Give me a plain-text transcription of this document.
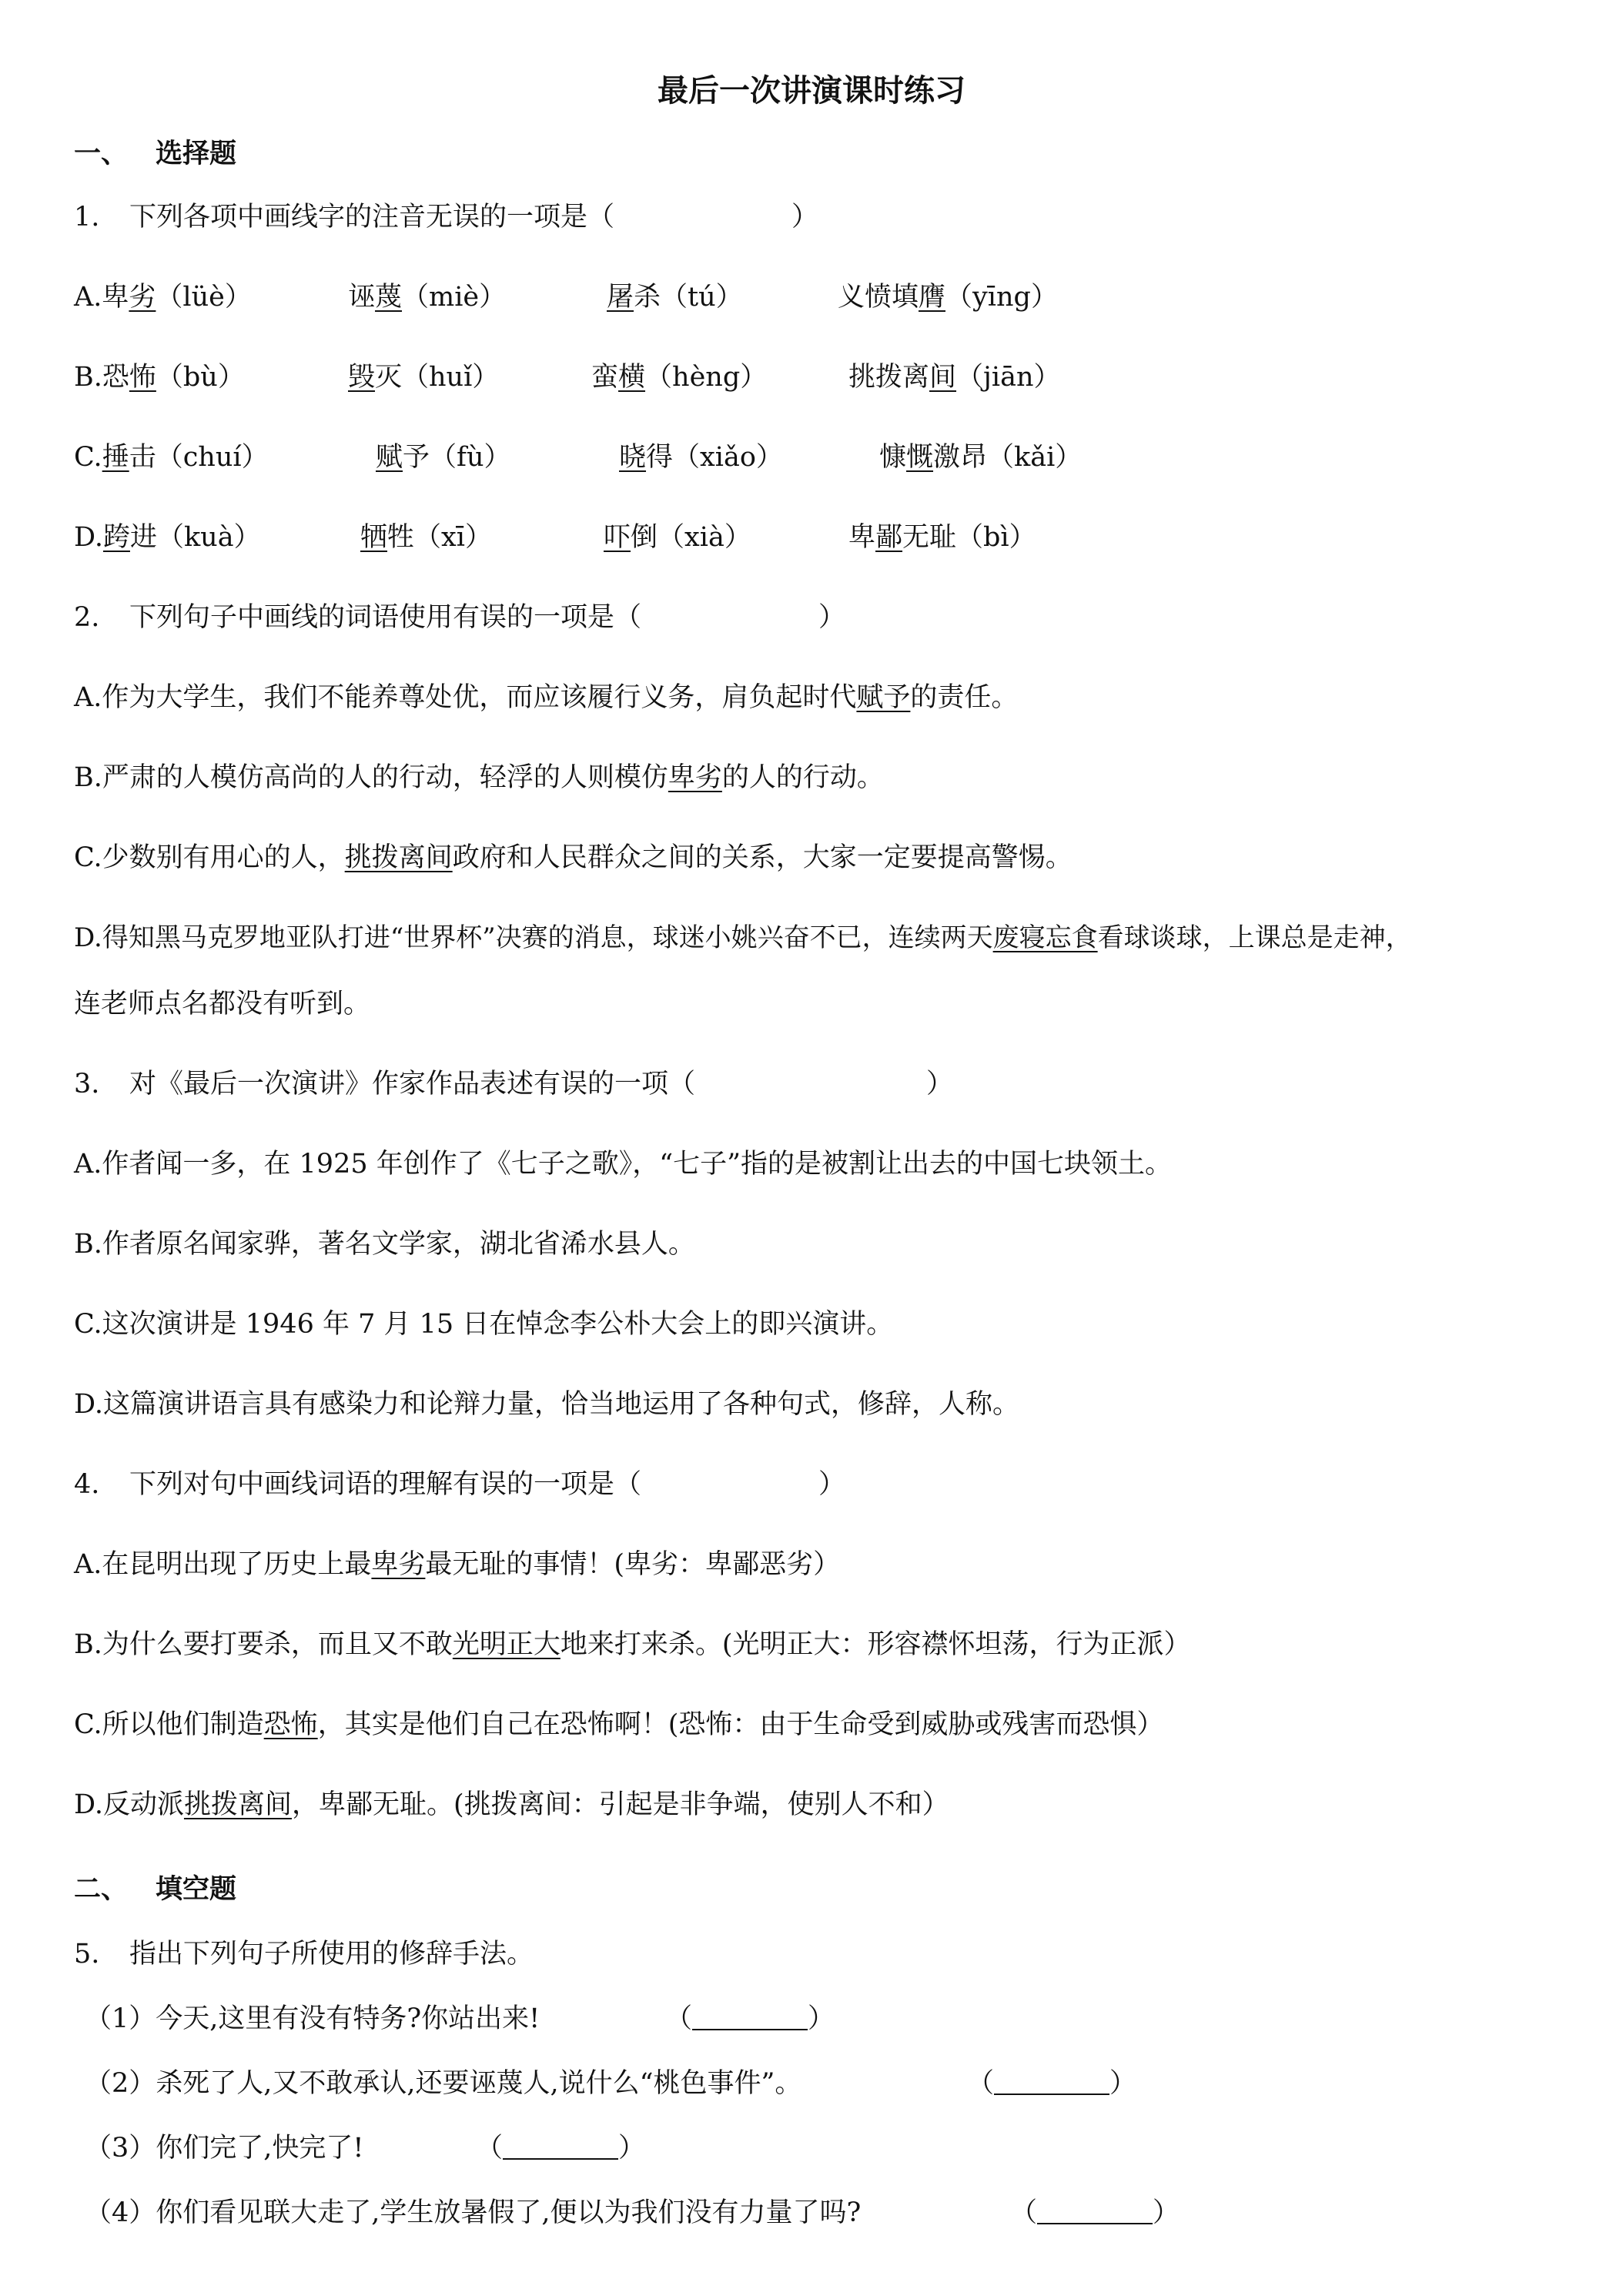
最后一次讲演课时练习
一、 选择题
1. 下列各项中画线字的注音无误的一项是（	）
A.卑劣（lüè）	诬蔑（miè）	屠杀（tú）	义愤填膺（yīng）
B.恐怖（bù）	毁灭（huǐ）	蛮横（hèng）	挑拨离间（jiān）
C.捶击（chuí）	赋予（fù）	晓得（xiǎo）	慷慨激昂（kǎi）
D.跨进（kuà）	牺牲（xī）	吓倒（xià）	卑鄙无耻（bì）
2. 下列句子中画线的词语使用有误的一项是（	）
A.作为大学生，我们不能养尊处优，而应该履行义务，肩负起时代赋予的责任。
B.严肃的人模仿高尚的人的行动，轻浮的人则模仿卑劣的人的行动。
C.少数别有用心的人，挑拨离间政府和人民群众之间的关系，大家一定要提高警惕。
D.得知黑马克罗地亚队打进“世界杯”决赛的消息，球迷小姚兴奋不已，连续两天废寝忘食看球谈球，上课总是走神，
连老师点名都没有听到。
3. 对《最后一次演讲》作家作品表述有误的一项（	）
A.作者闻一多，在 1925 年创作了《七子之歌》，“七子”指的是被割让出去的中国七块领土。
B.作者原名闻家骅，著名文学家，湖北省浠水县人。
C.这次演讲是 1946 年 7 月 15 日在悼念李公朴大会上的即兴演讲。
D.这篇演讲语言具有感染力和论辩力量，恰当地运用了各种句式，修辞，人称。
4. 下列对句中画线词语的理解有误的一项是（	）
A.在昆明出现了历史上最卑劣最无耻的事情！(卑劣：卑鄙恶劣）
B.为什么要打要杀，而且又不敢光明正大地来打来杀。(光明正大：形容襟怀坦荡，行为正派）
C.所以他们制造恐怖，其实是他们自己在恐怖啊！(恐怖：由于生命受到威胁或残害而恐惧）
D.反动派挑拨离间，卑鄙无耻。(挑拨离间：引起是非争端，使别人不和）
二、 填空题
5. 指出下列句子所使用的修辞手法。
（1）今天,这里有没有特务?你站出来!	（	）
（2）杀死了人,又不敢承认,还要诬蔑人,说什么“桃色事件”。	（	）
（3）你们完了,快完了!	（	）
（4）你们看见联大走了,学生放暑假了,便以为我们没有力量了吗?	（	）
